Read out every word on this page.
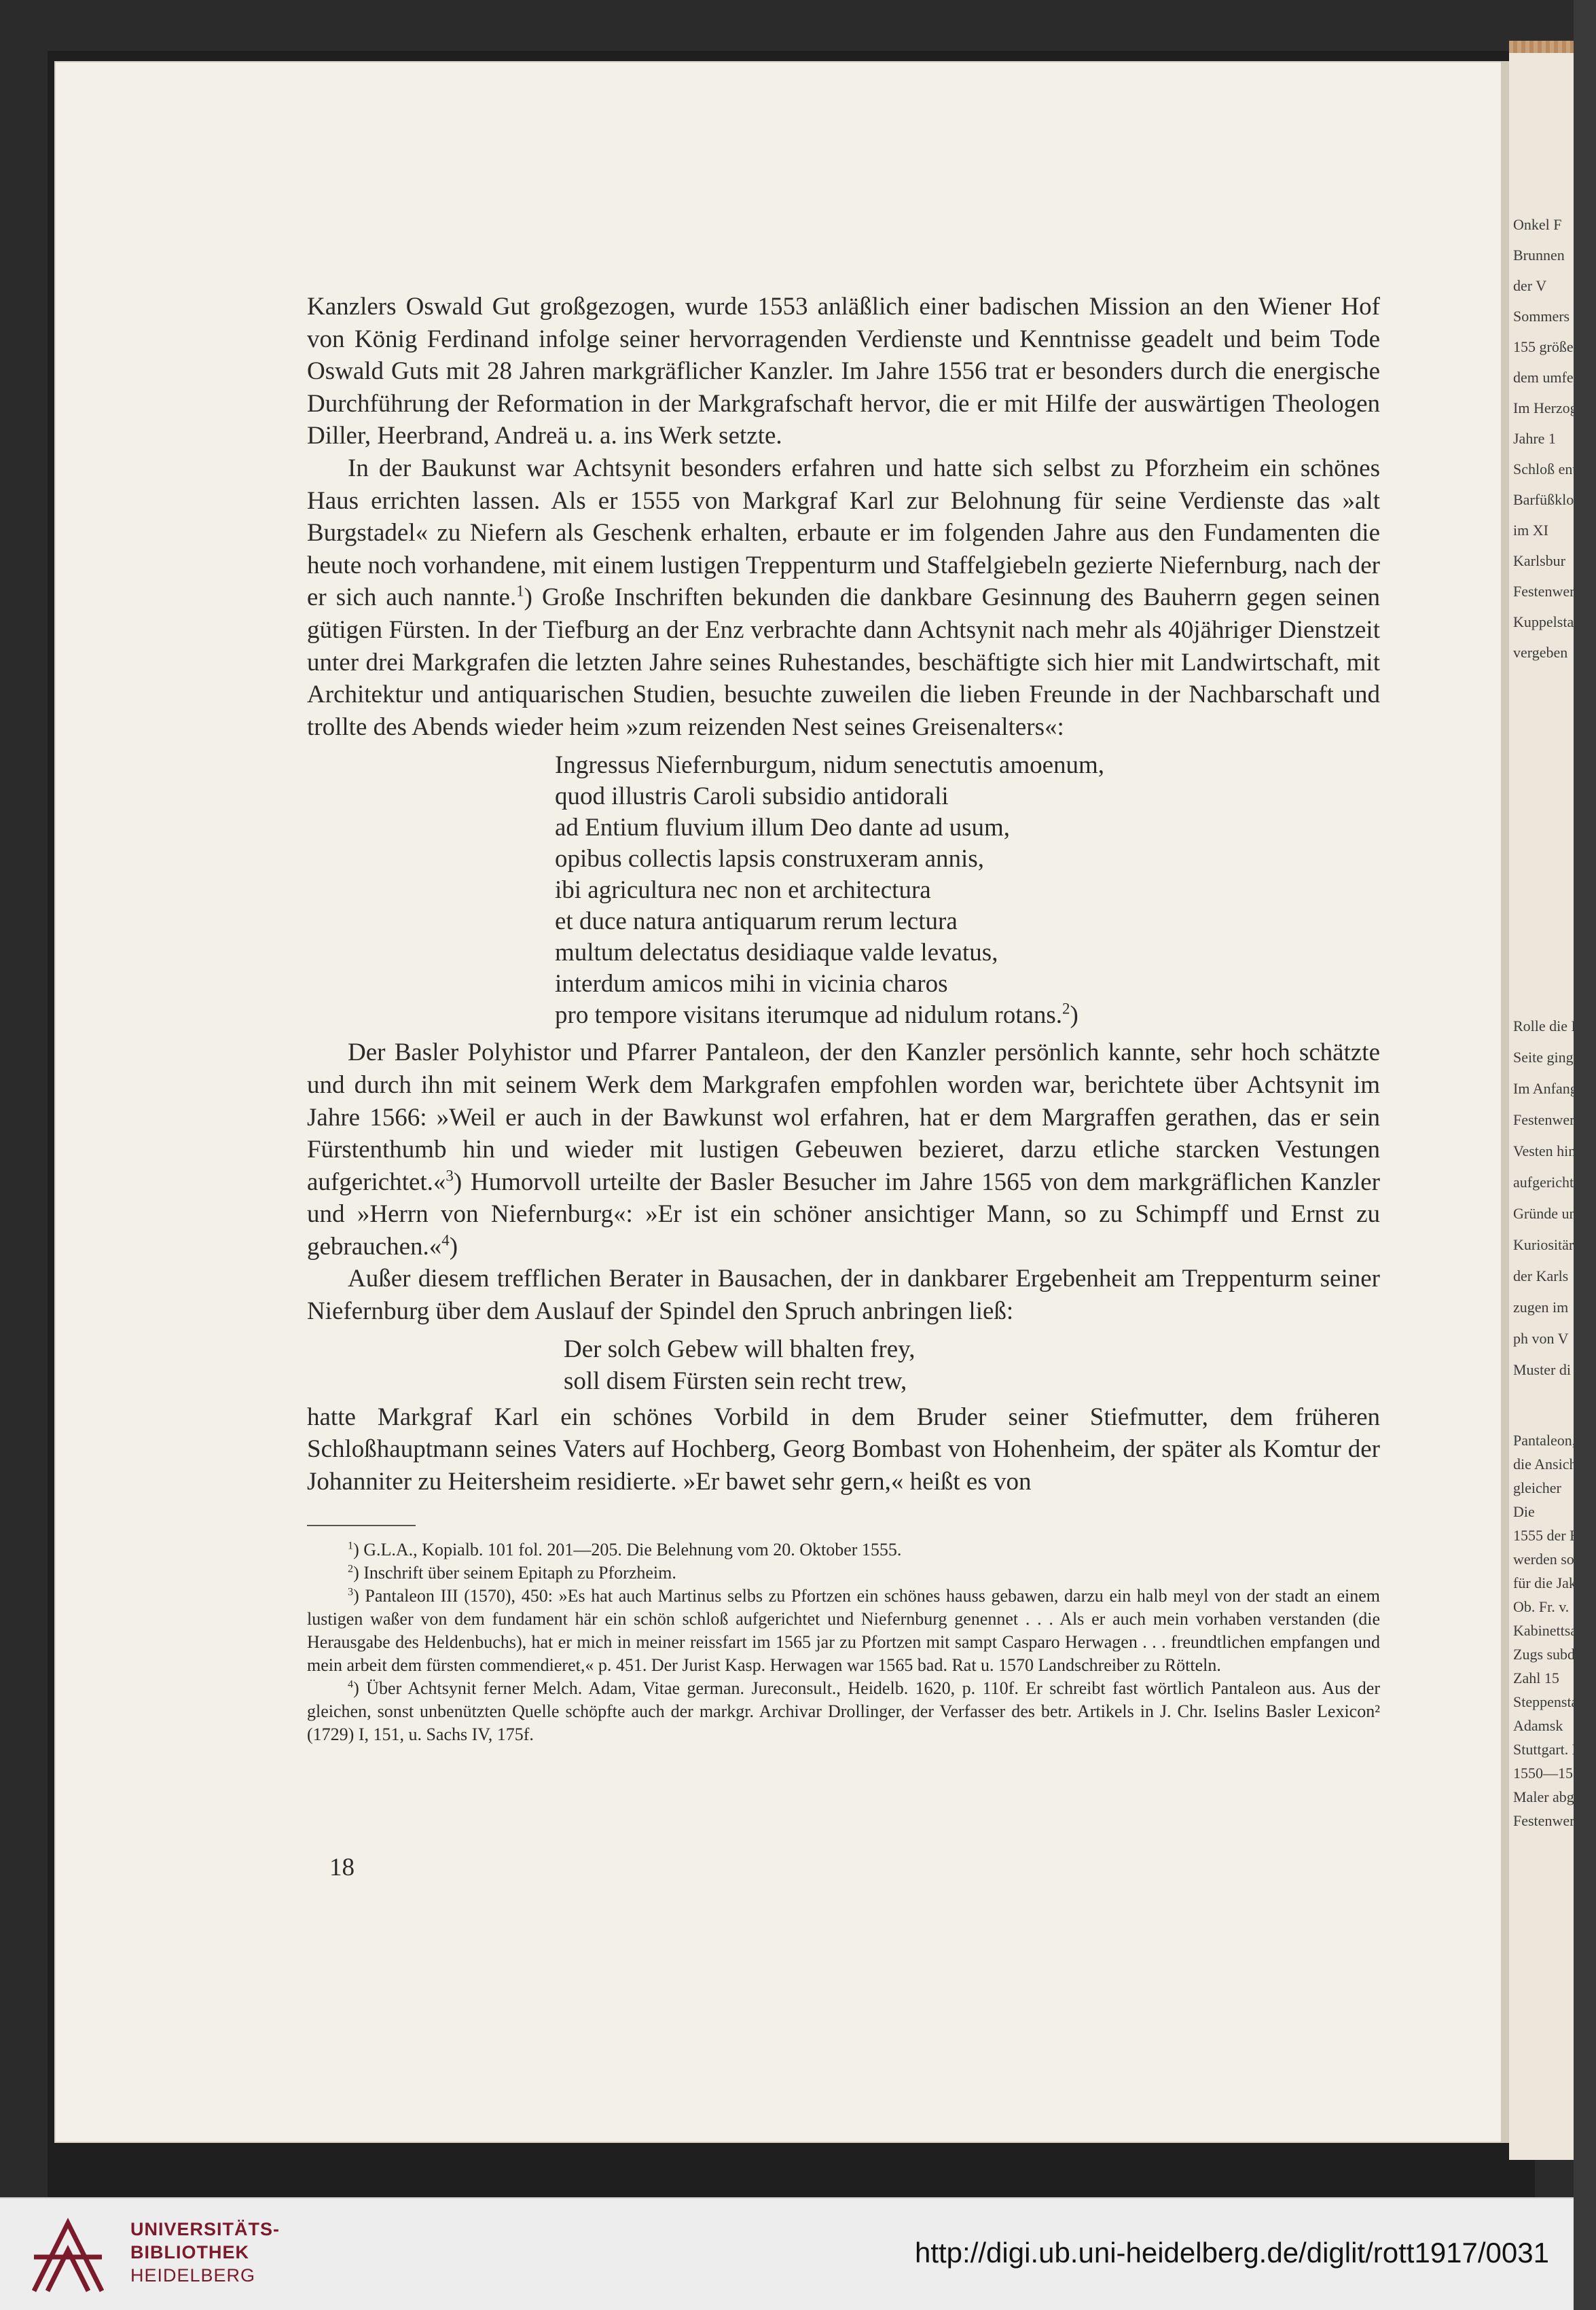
Onkel F
Brunnen
der V
Sommers c
155 größer
dem umfern
Im Herzog
Jahre 1
Schloß ent
Barfüßklostes
im XI
Karlsbur
Festenwerk
Kuppelstafel
vergeben
Rolle die R
Seite ging.
Im Anfang
Festenwerk
Vesten hin
aufgerichte
Gründe und
Kuriositär
der Karls
zugen im
ph von V
Muster di
Pantaleon, I
die Ansich
gleicher
Die
1555 der Be
werden soll
für die Jak
Ob. Fr. v. S
Kabinettsak
Zugs subdi
Zahl 15
Steppenstafel
Adamsk
Stuttgart. H.
1550—1561
Maler abgev
Festenwerck

Kanzlers Oswald Gut großgezogen, wurde 1553 anläßlich einer badischen Mission an den Wiener Hof von König Ferdinand infolge seiner hervorragenden Verdienste und Kenntnisse geadelt und beim Tode Oswald Guts mit 28 Jahren markgräflicher Kanzler. Im Jahre 1556 trat er besonders durch die energische Durchführung der Reformation in der Markgrafschaft hervor, die er mit Hilfe der auswärtigen Theologen Diller, Heerbrand, Andreä u. a. ins Werk setzte.

In der Baukunst war Achtsynit besonders erfahren und hatte sich selbst zu Pforzheim ein schönes Haus errichten lassen. Als er 1555 von Markgraf Karl zur Belohnung für seine Verdienste das »alt Burgstadel« zu Niefern als Geschenk erhalten, erbaute er im folgenden Jahre aus den Fundamenten die heute noch vorhandene, mit einem lustigen Treppenturm und Staffelgiebeln gezierte Niefernburg, nach der er sich auch nannte.$^1$) Große Inschriften bekunden die dankbare Gesinnung des Bauherrn gegen seinen gütigen Fürsten. In der Tiefburg an der Enz verbrachte dann Achtsynit nach mehr als 40jähriger Dienstzeit unter drei Markgrafen die letzten Jahre seines Ruhestandes, beschäftigte sich hier mit Landwirtschaft, mit Architektur und antiquarischen Studien, besuchte zuweilen die lieben Freunde in der Nachbarschaft und trollte des Abends wieder heim »zum reizenden Nest seines Greisenalters«:

Ingressus Niefernburgum, nidum senectutis amoenum,
quod illustris Caroli subsidio antidorali
ad Entium fluvium illum Deo dante ad usum,
opibus collectis lapsis construxeram annis,
ibi agricultura nec non et architectura
et duce natura antiquarum rerum lectura
multum delectatus desidiaque valde levatus,
interdum amicos mihi in vicinia charos
pro tempore visitans iterumque ad nidulum rotans.$^2$)

Der Basler Polyhistor und Pfarrer Pantaleon, der den Kanzler persönlich kannte, sehr hoch schätzte und durch ihn mit seinem Werk dem Markgrafen empfohlen worden war, berichtete über Achtsynit im Jahre 1566: »Weil er auch in der Bawkunst wol erfahren, hat er dem Margraffen gerathen, das er sein Fürstenthumb hin und wieder mit lustigen Gebeuwen bezieret, darzu etliche starcken Vestungen aufgerichtet.«$^3$) Humorvoll urteilte der Basler Besucher im Jahre 1565 von dem markgräflichen Kanzler und »Herrn von Niefernburg«: »Er ist ein schöner ansichtiger Mann, so zu Schimpff und Ernst zu gebrauchen.«$^4$)

Außer diesem trefflichen Berater in Bausachen, der in dankbarer Ergebenheit am Treppenturm seiner Niefernburg über dem Auslauf der Spindel den Spruch anbringen ließ:

Der solch Gebew will bhalten frey,
soll disem Fürsten sein recht trew,

hatte Markgraf Karl ein schönes Vorbild in dem Bruder seiner Stiefmutter, dem früheren Schloßhauptmann seines Vaters auf Hochberg, Georg Bombast von Hohenheim, der später als Komtur der Johanniter zu Heitersheim residierte. »Er bawet sehr gern,« heißt es von

$^1$) G.L.A., Kopialb. 101 fol. 201—205. Die Belehnung vom 20. Oktober 1555.

$^2$) Inschrift über seinem Epitaph zu Pforzheim.

$^3$) Pantaleon III (1570), 450: »Es hat auch Martinus selbs zu Pfortzen ein schönes hauss gebawen, darzu ein halb meyl von der stadt an einem lustigen waßer von dem fundament här ein schön schloß aufgerichtet und Niefernburg genennet . . . Als er auch mein vorhaben verstanden (die Herausgabe des Heldenbuchs), hat er mich in meiner reissfart im 1565 jar zu Pfortzen mit sampt Casparo Herwagen . . . freundtlichen empfangen und mein arbeit dem fürsten commendieret,« p. 451. Der Jurist Kasp. Herwagen war 1565 bad. Rat u. 1570 Landschreiber zu Rötteln.

$^4$) Über Achtsynit ferner Melch. Adam, Vitae german. Jureconsult., Heidelb. 1620, p. 110f. Er schreibt fast wörtlich Pantaleon aus. Aus der gleichen, sonst unbenützten Quelle schöpfte auch der markgr. Archivar Drollinger, der Verfasser des betr. Artikels in J. Chr. Iselins Basler Lexicon² (1729) I, 151, u. Sachs IV, 175f.

18
UNIVERSITÄTS-
BIBLIOTHEK
HEIDELBERG
http://digi.ub.uni-heidelberg.de/diglit/rott1917/0031
